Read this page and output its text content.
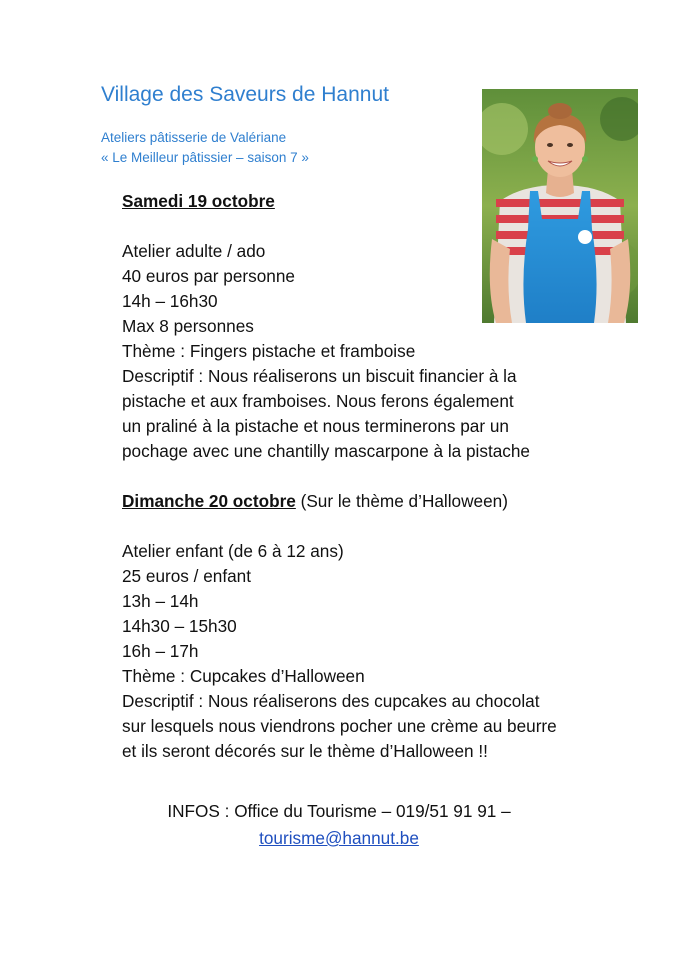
Village des Saveurs de Hannut
Ateliers pâtisserie de Valériane
« Le Meilleur pâtissier – saison 7 »
Samedi 19 octobre
Atelier adulte / ado
40 euros par personne
14h – 16h30
Max 8 personnes
Thème : Fingers pistache et framboise
Descriptif : Nous réaliserons un biscuit financier à la
pistache et aux framboises. Nous ferons également
un praliné à la pistache et nous terminerons par un
pochage avec une chantilly mascarpone à la pistache
Dimanche 20 octobre (Sur le thème d’Halloween)
Atelier enfant (de 6 à 12 ans)
25 euros / enfant
13h – 14h
14h30 – 15h30
16h – 17h
Thème : Cupcakes d’Halloween
Descriptif : Nous réaliserons des cupcakes au chocolat
sur lesquels nous viendrons pocher une crème au beurre
et ils seront décorés sur le thème d’Halloween !!
INFOS : Office du Tourisme – 019/51 91 91 –
tourisme@hannut.be
